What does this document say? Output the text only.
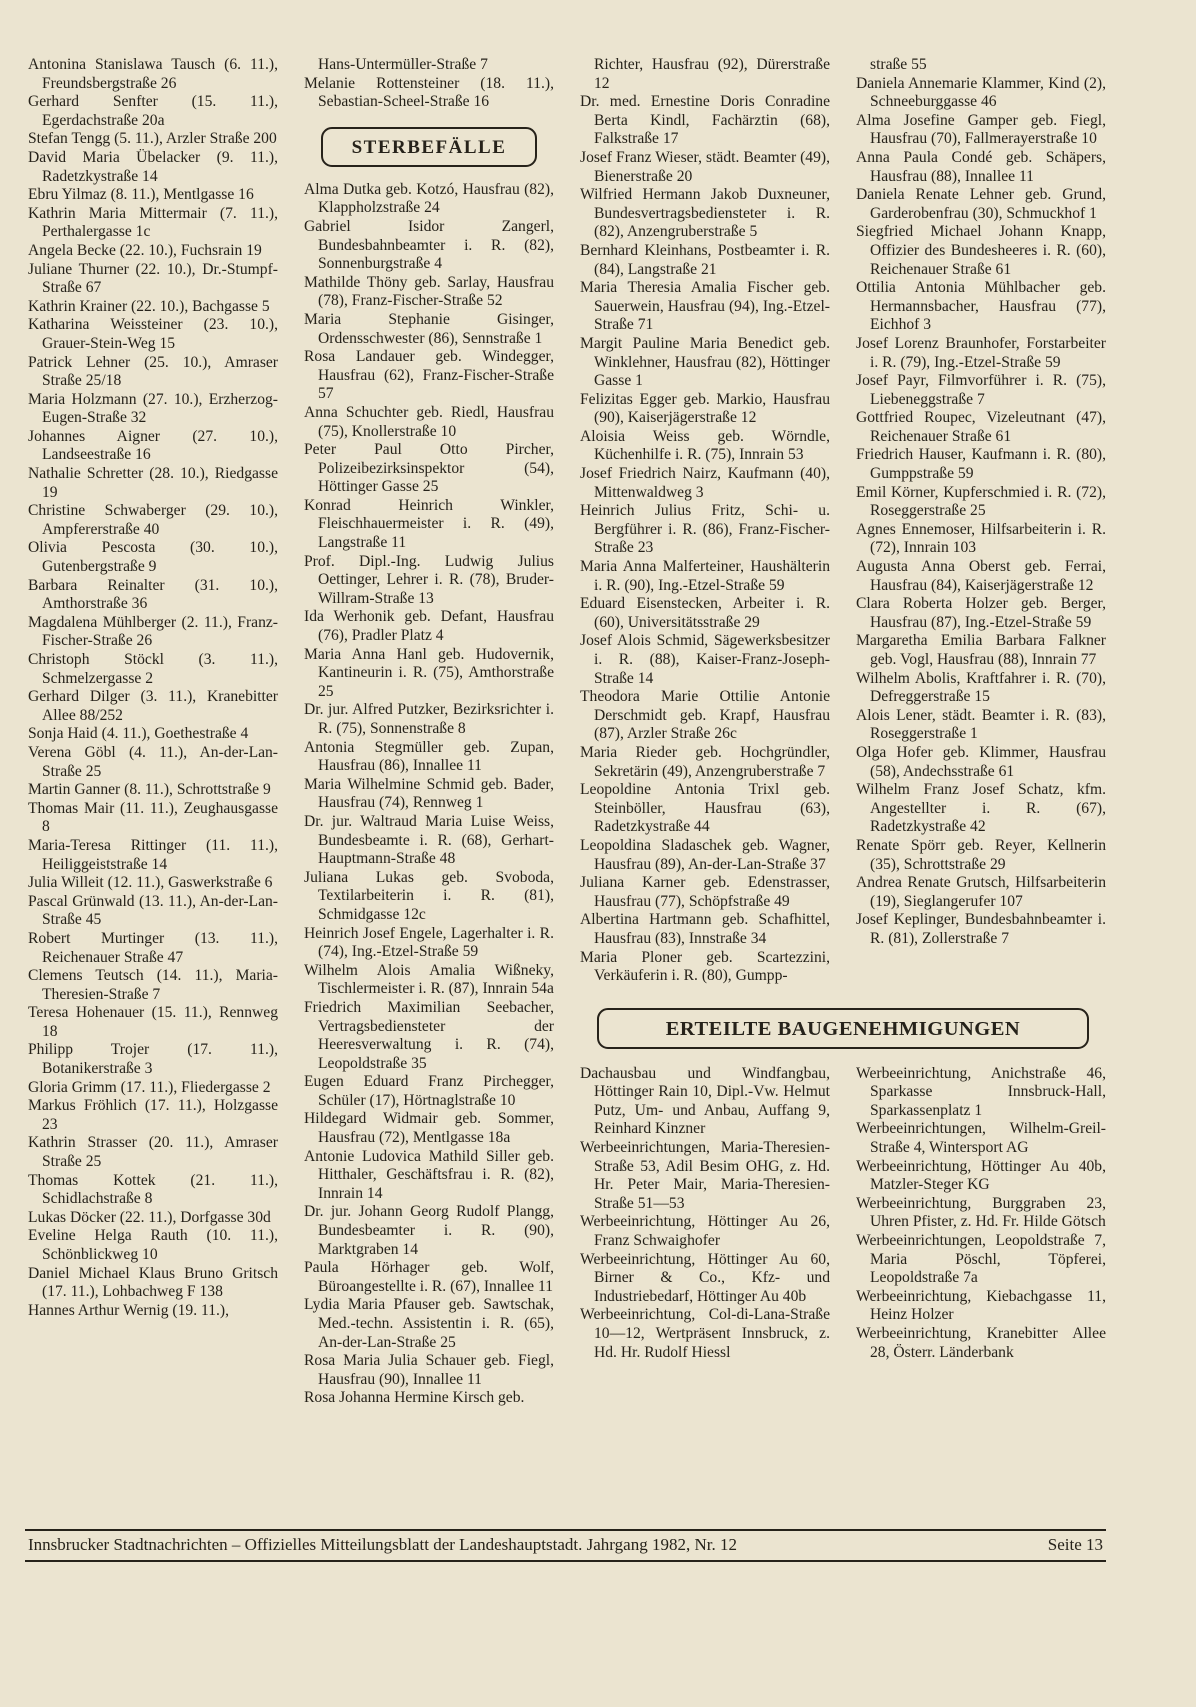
Antonina Stanislawa Tausch (6. 11.), Freundsbergstraße 26

Gerhard Senfter (15. 11.), Egerdachstraße 20a

Stefan Tengg (5. 11.), Arzler Straße 200

David Maria Übelacker (9. 11.), Radetzkystraße 14

Ebru Yilmaz (8. 11.), Mentlgasse 16

Kathrin Maria Mittermair (7. 11.), Perthalergasse 1c

Angela Becke (22. 10.), Fuchsrain 19

Juliane Thurner (22. 10.), Dr.-Stumpf-Straße 67

Kathrin Krainer (22. 10.), Bachgasse 5

Katharina Weissteiner (23. 10.), Grauer-Stein-Weg 15

Patrick Lehner (25. 10.), Amraser Straße 25/18

Maria Holzmann (27. 10.), Erzherzog-Eugen-Straße 32

Johannes Aigner (27. 10.), Landseestraße 16

Nathalie Schretter (28. 10.), Riedgasse 19

Christine Schwaberger (29. 10.), Ampfererstraße 40

Olivia Pescosta (30. 10.), Gutenbergstraße 9

Barbara Reinalter (31. 10.), Amthorstraße 36

Magdalena Mühlberger (2. 11.), Franz-Fischer-Straße 26

Christoph Stöckl (3. 11.), Schmelzergasse 2

Gerhard Dilger (3. 11.), Kranebitter Allee 88/252

Sonja Haid (4. 11.), Goethestraße 4

Verena Göbl (4. 11.), An-der-Lan-Straße 25

Martin Ganner (8. 11.), Schrottstraße 9

Thomas Mair (11. 11.), Zeughausgasse 8

Maria-Teresa Rittinger (11. 11.), Heiliggeiststraße 14

Julia Willeit (12. 11.), Gaswerkstraße 6

Pascal Grünwald (13. 11.), An-der-Lan-Straße 45

Robert Murtinger (13. 11.), Reichenauer Straße 47

Clemens Teutsch (14. 11.), Maria-Theresien-Straße 7

Teresa Hohenauer (15. 11.), Rennweg 18

Philipp Trojer (17. 11.), Botanikerstraße 3

Gloria Grimm (17. 11.), Fliedergasse 2

Markus Fröhlich (17. 11.), Holzgasse 23

Kathrin Strasser (20. 11.), Amraser Straße 25

Thomas Kottek (21. 11.), Schidlachstraße 8

Lukas Döcker (22. 11.), Dorfgasse 30d

Eveline Helga Rauth (10. 11.), Schönblickweg 10

Daniel Michael Klaus Bruno Gritsch (17. 11.), Lohbachweg F 138

Hannes Arthur Wernig (19. 11.),

Hans-Untermüller-Straße 7

Melanie Rottensteiner (18. 11.), Sebastian-Scheel-Straße 16

STERBEFÄLLE

Alma Dutka geb. Kotzó, Hausfrau (82), Klappholzstraße 24

Gabriel Isidor Zangerl, Bundesbahnbeamter i. R. (82), Sonnenburgstraße 4

Mathilde Thöny geb. Sarlay, Hausfrau (78), Franz-Fischer-Straße 52

Maria Stephanie Gisinger, Ordensschwester (86), Sennstraße 1

Rosa Landauer geb. Windegger, Hausfrau (62), Franz-Fischer-Straße 57

Anna Schuchter geb. Riedl, Hausfrau (75), Knollerstraße 10

Peter Paul Otto Pircher, Polizeibezirksinspektor (54), Höttinger Gasse 25

Konrad Heinrich Winkler, Fleischhauermeister i. R. (49), Langstraße 11

Prof. Dipl.-Ing. Ludwig Julius Oettinger, Lehrer i. R. (78), Bruder-Willram-Straße 13

Ida Werhonik geb. Defant, Hausfrau (76), Pradler Platz 4

Maria Anna Hanl geb. Hudovernik, Kantineurin i. R. (75), Amthorstraße 25

Dr. jur. Alfred Putzker, Bezirksrichter i. R. (75), Sonnenstraße 8

Antonia Stegmüller geb. Zupan, Hausfrau (86), Innallee 11

Maria Wilhelmine Schmid geb. Bader, Hausfrau (74), Rennweg 1

Dr. jur. Waltraud Maria Luise Weiss, Bundesbeamte i. R. (68), Gerhart-Hauptmann-Straße 48

Juliana Lukas geb. Svoboda, Textilarbeiterin i. R. (81), Schmidgasse 12c

Heinrich Josef Engele, Lagerhalter i. R. (74), Ing.-Etzel-Straße 59

Wilhelm Alois Amalia Wißneky, Tischlermeister i. R. (87), Innrain 54a

Friedrich Maximilian Seebacher, Vertragsbediensteter der Heeresverwaltung i. R. (74), Leopoldstraße 35

Eugen Eduard Franz Pirchegger, Schüler (17), Hörtnaglstraße 10

Hildegard Widmair geb. Sommer, Hausfrau (72), Mentlgasse 18a

Antonie Ludovica Mathild Siller geb. Hitthaler, Geschäftsfrau i. R. (82), Innrain 14

Dr. jur. Johann Georg Rudolf Plangg, Bundesbeamter i. R. (90), Marktgraben 14

Paula Hörhager geb. Wolf, Büroangestellte i. R. (67), Innallee 11

Lydia Maria Pfauser geb. Sawtschak, Med.-techn. Assistentin i. R. (65), An-der-Lan-Straße 25

Rosa Maria Julia Schauer geb. Fiegl, Hausfrau (90), Innallee 11

Rosa Johanna Hermine Kirsch geb.

Richter, Hausfrau (92), Dürerstraße 12

Dr. med. Ernestine Doris Conradine Berta Kindl, Fachärztin (68), Falkstraße 17

Josef Franz Wieser, städt. Beamter (49), Bienerstraße 20

Wilfried Hermann Jakob Duxneuner, Bundesvertragsbediensteter i. R. (82), Anzengruberstraße 5

Bernhard Kleinhans, Postbeamter i. R. (84), Langstraße 21

Maria Theresia Amalia Fischer geb. Sauerwein, Hausfrau (94), Ing.-Etzel-Straße 71

Margit Pauline Maria Benedict geb. Winklehner, Hausfrau (82), Höttinger Gasse 1

Felizitas Egger geb. Markio, Hausfrau (90), Kaiserjägerstraße 12

Aloisia Weiss geb. Wörndle, Küchenhilfe i. R. (75), Innrain 53

Josef Friedrich Nairz, Kaufmann (40), Mittenwaldweg 3

Heinrich Julius Fritz, Schi- u. Bergführer i. R. (86), Franz-Fischer-Straße 23

Maria Anna Malferteiner, Haushälterin i. R. (90), Ing.-Etzel-Straße 59

Eduard Eisenstecken, Arbeiter i. R. (60), Universitätsstraße 29

Josef Alois Schmid, Sägewerksbesitzer i. R. (88), Kaiser-Franz-Joseph-Straße 14

Theodora Marie Ottilie Antonie Derschmidt geb. Krapf, Hausfrau (87), Arzler Straße 26c

Maria Rieder geb. Hochgründler, Sekretärin (49), Anzengruberstraße 7

Leopoldine Antonia Trixl geb. Steinböller, Hausfrau (63), Radetzkystraße 44

Leopoldina Sladaschek geb. Wagner, Hausfrau (89), An-der-Lan-Straße 37

Juliana Karner geb. Edenstrasser, Hausfrau (77), Schöpfstraße 49

Albertina Hartmann geb. Schafhittel, Hausfrau (83), Innstraße 34

Maria Ploner geb. Scartezzini, Verkäuferin i. R. (80), Gumpp-

straße 55

Daniela Annemarie Klammer, Kind (2), Schneeburggasse 46

Alma Josefine Gamper geb. Fiegl, Hausfrau (70), Fallmerayerstraße 10

Anna Paula Condé geb. Schäpers, Hausfrau (88), Innallee 11

Daniela Renate Lehner geb. Grund, Garderobenfrau (30), Schmuckhof 1

Siegfried Michael Johann Knapp, Offizier des Bundesheeres i. R. (60), Reichenauer Straße 61

Ottilia Antonia Mühlbacher geb. Hermannsbacher, Hausfrau (77), Eichhof 3

Josef Lorenz Braunhofer, Forstarbeiter i. R. (79), Ing.-Etzel-Straße 59

Josef Payr, Filmvorführer i. R. (75), Liebeneggstraße 7

Gottfried Roupec, Vizeleutnant (47), Reichenauer Straße 61

Friedrich Hauser, Kaufmann i. R. (80), Gumppstraße 59

Emil Körner, Kupferschmied i. R. (72), Roseggerstraße 25

Agnes Ennemoser, Hilfsarbeiterin i. R. (72), Innrain 103

Augusta Anna Oberst geb. Ferrai, Hausfrau (84), Kaiserjägerstraße 12

Clara Roberta Holzer geb. Berger, Hausfrau (87), Ing.-Etzel-Straße 59

Margaretha Emilia Barbara Falkner geb. Vogl, Hausfrau (88), Innrain 77

Wilhelm Abolis, Kraftfahrer i. R. (70), Defreggerstraße 15

Alois Lener, städt. Beamter i. R. (83), Roseggerstraße 1

Olga Hofer geb. Klimmer, Hausfrau (58), Andechsstraße 61

Wilhelm Franz Josef Schatz, kfm. Angestellter i. R. (67), Radetzkystraße 42

Renate Spörr geb. Reyer, Kellnerin (35), Schrottstraße 29

Andrea Renate Grutsch, Hilfsarbeiterin (19), Sieglangerufer 107

Josef Keplinger, Bundesbahnbeamter i. R. (81), Zollerstraße 7

ERTEILTE BAUGENEHMIGUNGEN

Dachausbau und Windfangbau, Höttinger Rain 10, Dipl.-Vw. Helmut Putz, Um- und Anbau, Auffang 9, Reinhard Kinzner

Werbeeinrichtungen, Maria-Theresien-Straße 53, Adil Besim OHG, z. Hd. Hr. Peter Mair, Maria-Theresien-Straße 51—53

Werbeeinrichtung, Höttinger Au 26, Franz Schwaighofer

Werbeeinrichtung, Höttinger Au 60, Birner & Co., Kfz- und Industriebedarf, Höttinger Au 40b

Werbeeinrichtung, Col-di-Lana-Straße 10—12, Wertpräsent Innsbruck, z. Hd. Hr. Rudolf Hiessl

Werbeeinrichtung, Anichstraße 46, Sparkasse Innsbruck-Hall, Sparkassenplatz 1

Werbeeinrichtungen, Wilhelm-Greil-Straße 4, Wintersport AG

Werbeeinrichtung, Höttinger Au 40b, Matzler-Steger KG

Werbeeinrichtung, Burggraben 23, Uhren Pfister, z. Hd. Fr. Hilde Götsch

Werbeeinrichtungen, Leopoldstraße 7, Maria Pöschl, Töpferei, Leopoldstraße 7a

Werbeeinrichtung, Kiebachgasse 11, Heinz Holzer

Werbeeinrichtung, Kranebitter Allee 28, Österr. Länderbank

Innsbrucker Stadtnachrichten – Offizielles Mitteilungsblatt der Landeshauptstadt. Jahrgang 1982, Nr. 12	Seite 13
